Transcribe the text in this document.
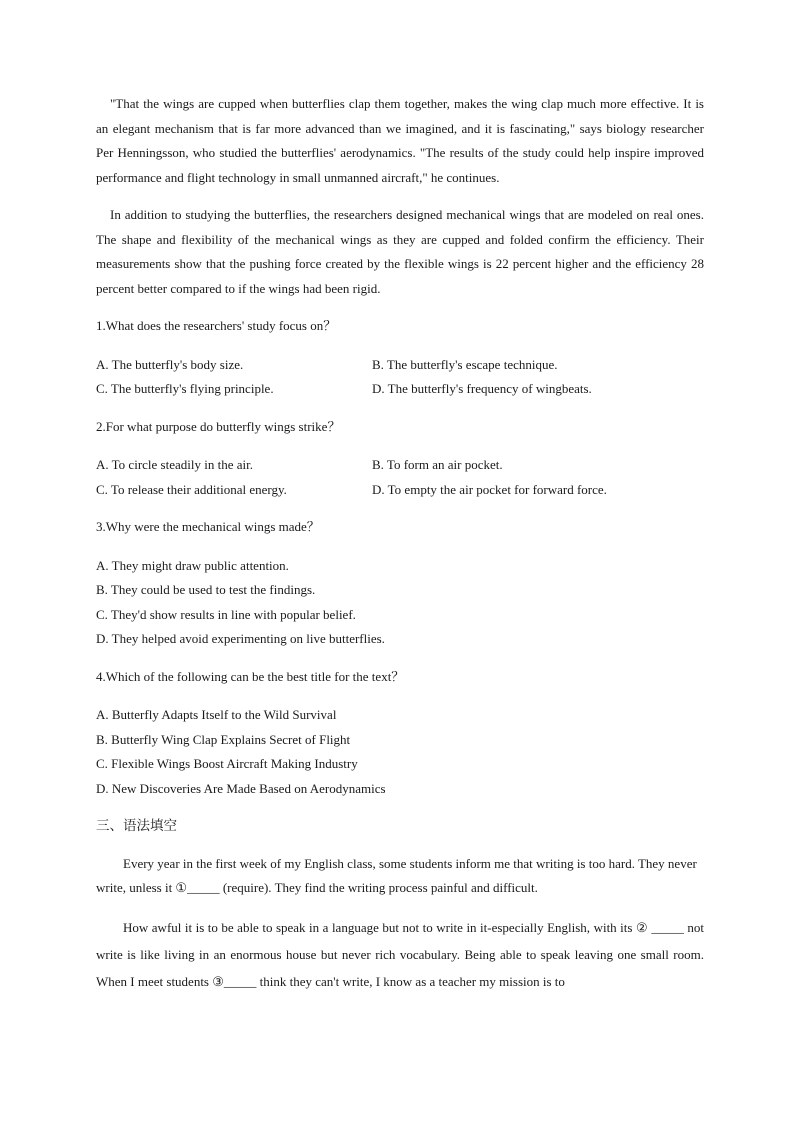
"That the wings are cupped when butterflies clap them together, makes the wing clap much more effective. It is an elegant mechanism that is far more advanced than we imagined, and it is fascinating," says biology researcher Per Henningsson, who studied the butterflies' aerodynamics. "The results of the study could help inspire improved performance and flight technology in small unmanned aircraft," he continues.

In addition to studying the butterflies, the researchers designed mechanical wings that are modeled on real ones. The shape and flexibility of the mechanical wings as they are cupped and folded confirm the efficiency. Their measurements show that the pushing force created by the flexible wings is 22 percent higher and the efficiency 28 percent better compared to if the wings had been rigid.

1.What does the researchers' study focus on？

A. The butterfly's body size.	B. The butterfly's escape technique.
C. The butterfly's flying principle.	D. The butterfly's frequency of wingbeats.

2.For what purpose do butterfly wings strike？

A. To circle steadily in the air.	B. To form an air pocket.
C. To release their additional energy.	D. To empty the air pocket for forward force.

3.Why were the mechanical wings made？

A. They might draw public attention.
B. They could be used to test the findings.
C. They'd show results in line with popular belief.
D. They helped avoid experimenting on live butterflies.

4.Which of the following can be the best title for the text？

A. Butterfly Adapts Itself to the Wild Survival
B. Butterfly Wing Clap Explains Secret of Flight
C. Flexible Wings Boost Aircraft Making Industry
D. New Discoveries Are Made Based on Aerodynamics

三、语法填空

Every year in the first week of my English class, some students inform me that writing is too hard. They never write, unless it ①_____ (require). They find the writing process painful and difficult.

How awful it is to be able to speak in a language but not to write in it-especially English, with its ② _____ not write is like living in an enormous house but never rich vocabulary. Being able to speak leaving one small room. When I meet students ③_____ think they can't write, I know as a teacher my mission is to
